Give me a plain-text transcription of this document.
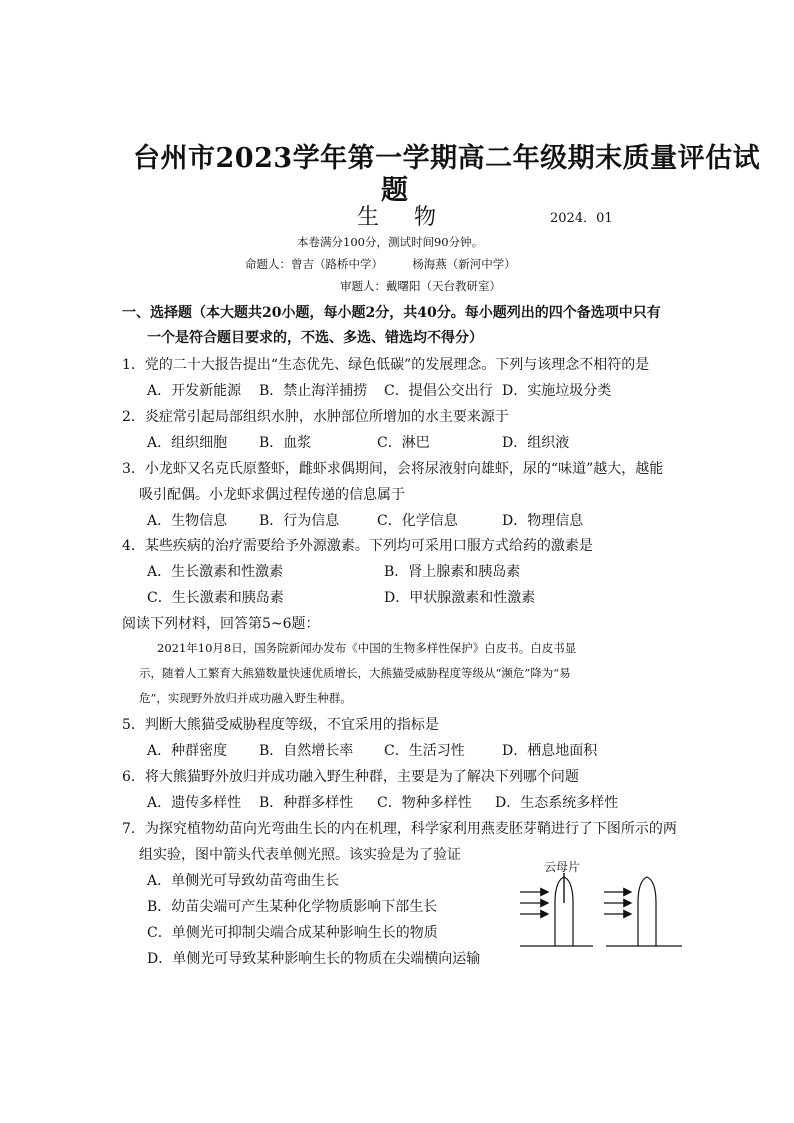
台州市2023学年第一学期高二年级期末质量评估试
题
生 物	2024．01
本卷满分100分，测试时间90分钟。
命题人：曾吉（路桥中学）        杨海燕（新河中学）
审题人：戴曙阳（天台教研室）
一、选择题（本大题共20小题，每小题2分，共40分。每小题列出的四个备选项中只有
一个是符合题目要求的，不选、多选、错选均不得分）
1．党的二十大报告提出“生态优先、绿色低碳”的发展理念。下列与该理念不相符的是
A．开发新能源 B．禁止海洋捕捞 C．提倡公交出行 D．实施垃圾分类
2．炎症常引起局部组织水肿，水肿部位所增加的水主要来源于
A．组织细胞 B．血浆	C．淋巴	D．组织液
3．小龙虾又名克氏原螯虾，雌虾求偶期间，会将尿液射向雄虾，尿的“味道”越大，越能
吸引配偶。小龙虾求偶过程传递的信息属于
A．生物信息 B．行为信息	C．化学信息	D．物理信息
4．某些疾病的治疗需要给予外源激素。下列均可采用口服方式给药的激素是
A．生长激素和性激素	B．肾上腺素和胰岛素
C．生长激素和胰岛素	D．甲状腺激素和性激素
阅读下列材料，回答第5~6题：
2021年10月8日，国务院新闻办发布《中国的生物多样性保护》白皮书。白皮书显
示，随着人工繁育大熊猫数量快速优质增长，大熊猫受威胁程度等级从“濒危”降为“易
危”，实现野外放归并成功融入野生种群。
5．判断大熊猫受威胁程度等级，不宜采用的指标是
A．种群密度 B．自然增长率 C．生活习性	D．栖息地面积
6．将大熊猫野外放归并成功融入野生种群，主要是为了解决下列哪个问题
A．遗传多样性 B．种群多样性 C．物种多样性 D．生态系统多样性
7．为探究植物幼苗向光弯曲生长的内在机理，科学家利用燕麦胚芽鞘进行了下图所示的两
组实验，图中箭头代表单侧光照。该实验是为了验证
A．单侧光可导致幼苗弯曲生长
B．幼苗尖端可产生某种化学物质影响下部生长
C．单侧光可抑制尖端合成某种影响生长的物质
D．单侧光可导致某种影响生长的物质在尖端横向运输
云母片
